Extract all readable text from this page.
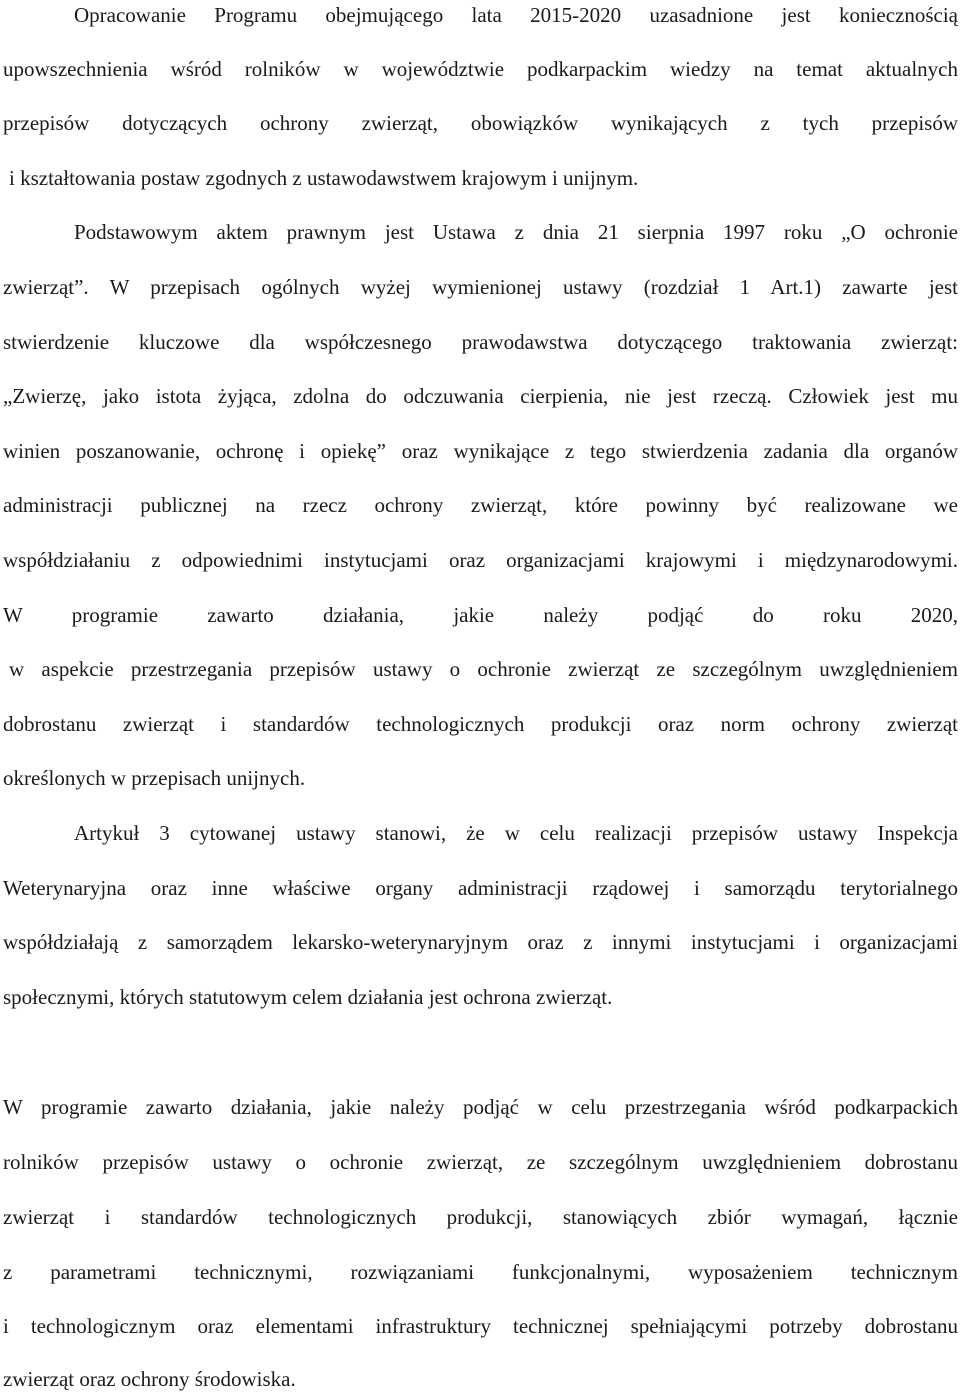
Opracowanie Programu obejmującego lata 2015-2020 uzasadnione jest koniecznością
upowszechnienia wśród rolników w województwie podkarpackim wiedzy na temat aktualnych
przepisów dotyczących ochrony zwierząt, obowiązków wynikających z tych przepisów
i kształtowania postaw zgodnych z ustawodawstwem krajowym i unijnym.
Podstawowym aktem prawnym jest Ustawa z dnia 21 sierpnia 1997 roku „O ochronie
zwierząt”. W przepisach ogólnych wyżej wymienionej ustawy (rozdział 1 Art.1) zawarte jest
stwierdzenie kluczowe dla współczesnego prawodawstwa dotyczącego traktowania zwierząt:
„Zwierzę, jako istota żyjąca, zdolna do odczuwania cierpienia, nie jest rzeczą. Człowiek jest mu
winien poszanowanie, ochronę i opiekę” oraz wynikające z tego stwierdzenia zadania dla organów
administracji publicznej na rzecz ochrony zwierząt, które powinny być realizowane we
współdziałaniu z odpowiednimi instytucjami oraz organizacjami krajowymi i międzynarodowymi.
W programie zawarto działania, jakie należy podjąć do roku 2020,
w aspekcie przestrzegania przepisów ustawy o ochronie zwierząt ze szczególnym uwzględnieniem
dobrostanu zwierząt i standardów technologicznych produkcji oraz norm ochrony zwierząt
określonych w przepisach unijnych.
Artykuł 3 cytowanej ustawy stanowi, że w celu realizacji przepisów ustawy Inspekcja
Weterynaryjna oraz inne właściwe organy administracji rządowej i samorządu terytorialnego
współdziałają z samorządem lekarsko-weterynaryjnym oraz z innymi instytucjami i organizacjami
społecznymi, których statutowym celem działania jest ochrona zwierząt.
W programie zawarto działania, jakie należy podjąć w celu przestrzegania wśród podkarpackich
rolników przepisów ustawy o ochronie zwierząt, ze szczególnym uwzględnieniem dobrostanu
zwierząt i standardów technologicznych produkcji, stanowiących zbiór wymagań, łącznie
z parametrami technicznymi, rozwiązaniami funkcjonalnymi, wyposażeniem technicznym
i technologicznym oraz elementami infrastruktury technicznej spełniającymi potrzeby dobrostanu
zwierząt oraz ochrony środowiska.
